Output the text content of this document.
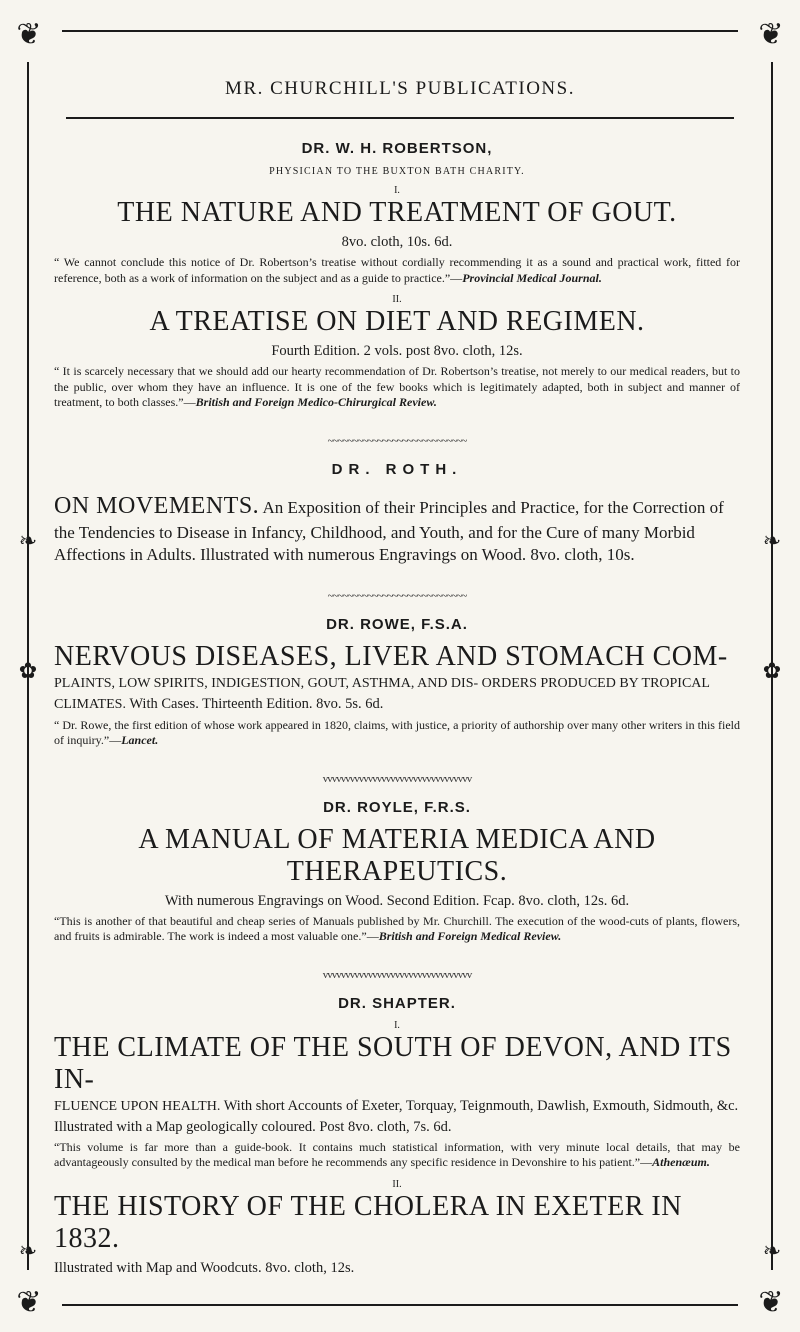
❦	❦
❦	❦
❧	❧
✿	✿
❧	❧
MR. CHURCHILL'S PUBLICATIONS.

DR. W. H. ROBERTSON,

PHYSICIAN TO THE BUXTON BATH CHARITY.

I.

THE NATURE AND TREATMENT OF GOUT.

8vo. cloth, 10s. 6d.

“ We cannot conclude this notice of Dr. Robertson’s treatise without cordially recommending it as a sound and practical work, fitted for reference, both as a work of information on the subject and as a guide to practice.”—Provincial Medical Journal.

II.

A TREATISE ON DIET AND REGIMEN.

Fourth Edition. 2 vols. post 8vo. cloth, 12s.

“ It is scarcely necessary that we should add our hearty recommendation of Dr. Robertson’s treatise, not merely to our medical readers, but to the public, over whom they have an influence. It is one of the few books which is legitimately adapted, both in subject and manner of treatment, to both classes.”—British and Foreign Medico-Chirurgical Review.

~~~~~~~~~~~~~~~~~~~~~~~~~~~~

DR. ROTH.

ON MOVEMENTS. An Exposition of their Principles and Practice, for the Correction of the Tendencies to Disease in Infancy, Childhood, and Youth, and for the Cure of many Morbid Affections in Adults. Illustrated with numerous Engravings on Wood. 8vo. cloth, 10s.
~~~~~~~~~~~~~~~~~~~~~~~~~~~~

DR. ROWE, F.S.A.

NERVOUS DISEASES, LIVER AND STOMACH COM-

PLAINTS, LOW SPIRITS, INDIGESTION, GOUT, ASTHMA, AND DIS- ORDERS PRODUCED BY TROPICAL CLIMATES. With Cases. Thirteenth Edition. 8vo. 5s. 6d.

“ Dr. Rowe, the first edition of whose work appeared in 1820, claims, with justice, a priority of authorship over many other writers in this field of inquiry.”—Lancet.

vvvvvvvvvvvvvvvvvvvvvvvvvvvvvvvvv

DR. ROYLE, F.R.S.

A MANUAL OF MATERIA MEDICA AND THERAPEUTICS.

With numerous Engravings on Wood. Second Edition. Fcap. 8vo. cloth, 12s. 6d.

“This is another of that beautiful and cheap series of Manuals published by Mr. Churchill. The execution of the wood-cuts of plants, flowers, and fruits is admirable. The work is indeed a most valuable one.”—British and Foreign Medical Review.

vvvvvvvvvvvvvvvvvvvvvvvvvvvvvvvvv

DR. SHAPTER.

I.

THE CLIMATE OF THE SOUTH OF DEVON, AND ITS IN-

FLUENCE UPON HEALTH. With short Accounts of Exeter, Torquay, Teignmouth, Dawlish, Exmouth, Sidmouth, &c. Illustrated with a Map geologically coloured. Post 8vo. cloth, 7s. 6d.

“This volume is far more than a guide-book. It contains much statistical information, with very minute local details, that may be advantageously consulted by the medical man before he recommends any specific residence in Devonshire to his patient.”—Athenæum.

II.

THE HISTORY OF THE CHOLERA IN EXETER IN 1832.

Illustrated with Map and Woodcuts. 8vo. cloth, 12s.
